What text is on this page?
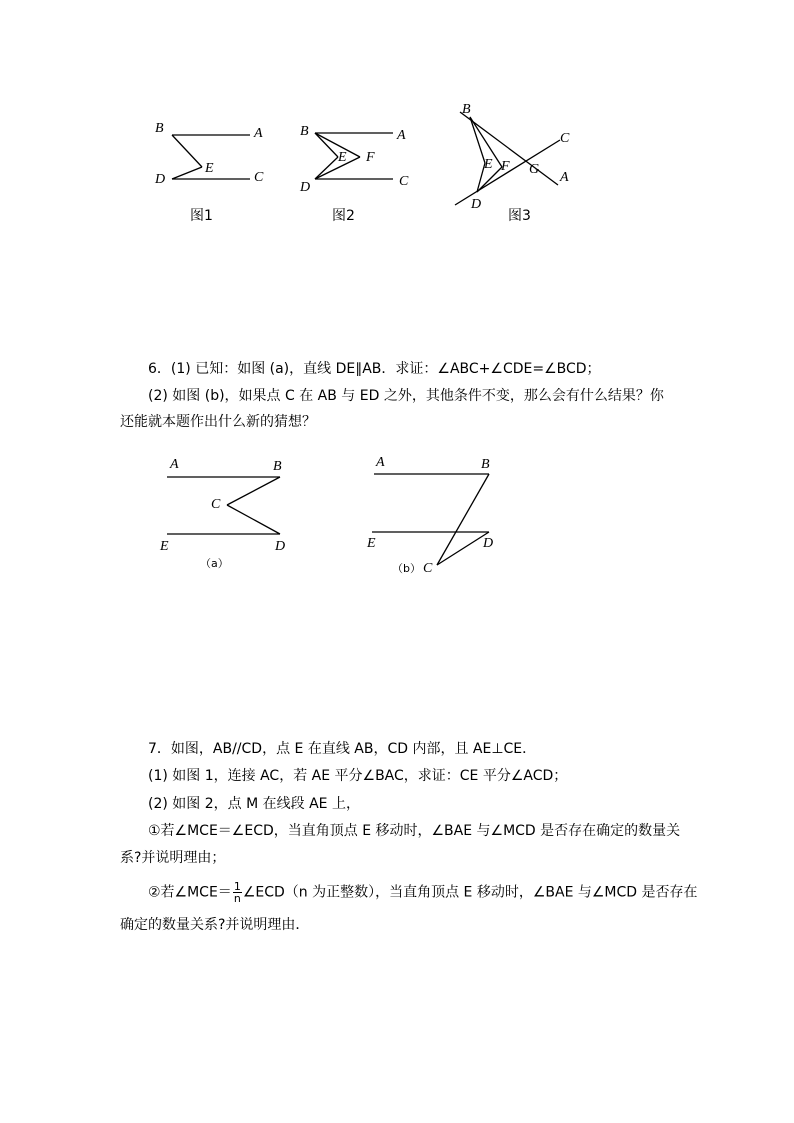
B	A
E
D	C
图1
B	A
E F
D	C
图2
B
C
E F G
A
D
图3
6．(1) 已知：如图 (a)，直线 DE∥AB．求证：∠ABC+∠CDE=∠BCD；
(2) 如图 (b)，如果点 C 在 AB 与 ED 之外，其他条件不变，那么会有什么结果？你
还能就本题作出什么新的猜想？
A	B
C
E	D
（a）
A	B
E	D
（b） C
7．如图，AB//CD，点 E 在直线 AB，CD 内部，且 AE⊥CE．
(1) 如图 1，连接 AC，若 AE 平分∠BAC，求证：CE 平分∠ACD；
(2) 如图 2，点 M 在线段 AE 上，
①若∠MCE＝∠ECD，当直角顶点 E 移动时，∠BAE 与∠MCD 是否存在确定的数量关
系?并说明理由；
②若∠MCE＝ $\frac{1}{n}$ ∠ECD（n 为正整数），当直角顶点 E 移动时，∠BAE 与∠MCD 是否存在
确定的数量关系?并说明理由．
